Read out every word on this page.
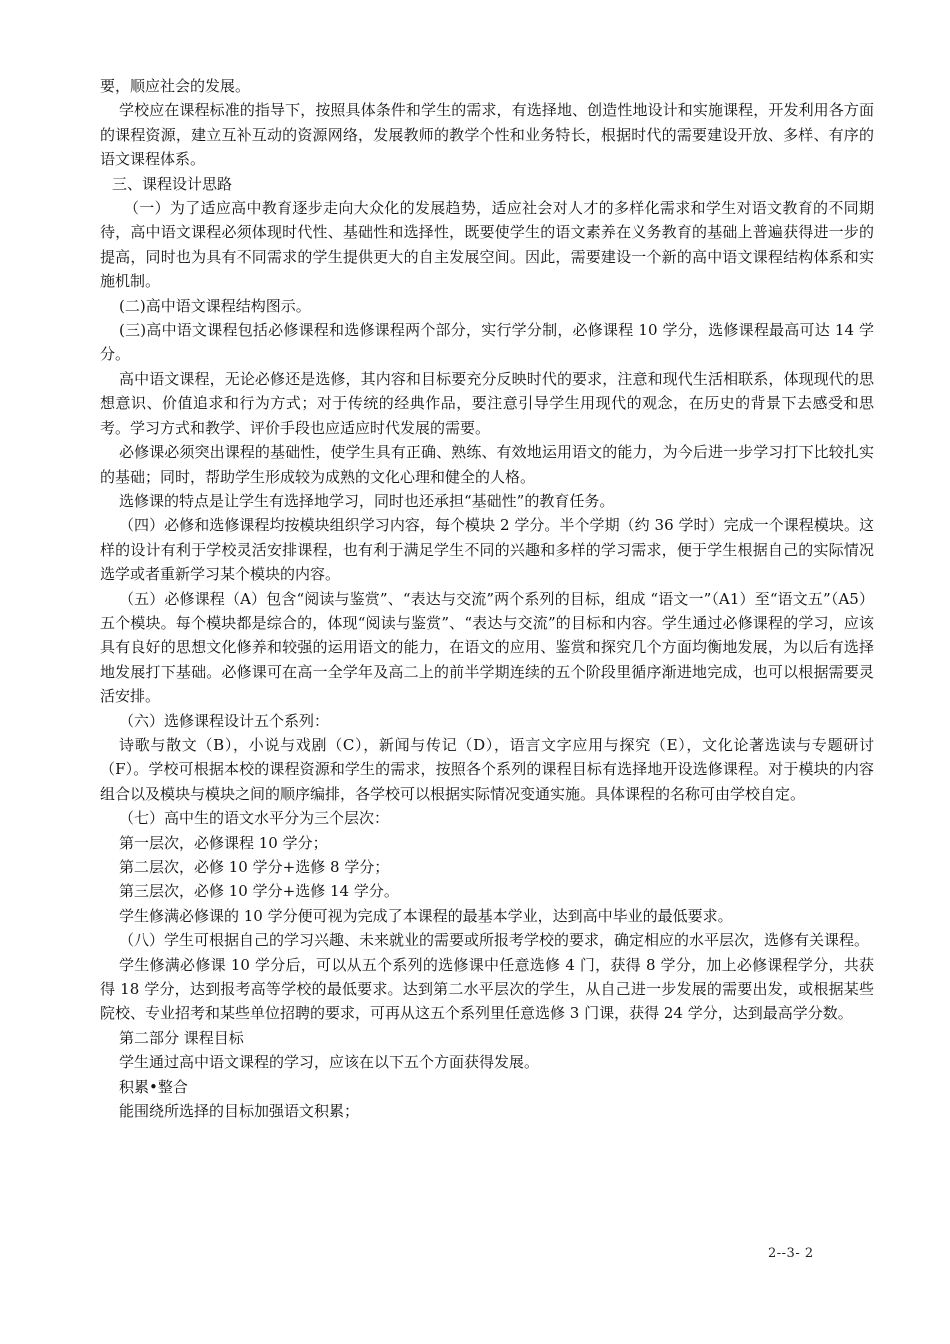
要，顺应社会的发展。

学校应在课程标准的指导下，按照具体条件和学生的需求，有选择地、创造性地设计和实施课程，开发利用各方面的课程资源，建立互补互动的资源网络，发展教师的教学个性和业务特长，根据时代的需要建设开放、多样、有序的语文课程体系。

三、课程设计思路

（一）为了适应高中教育逐步走向大众化的发展趋势，适应社会对人才的多样化需求和学生对语文教育的不同期待，高中语文课程必须体现时代性、基础性和选择性，既要使学生的语文素养在义务教育的基础上普遍获得进一步的提高，同时也为具有不同需求的学生提供更大的自主发展空间。因此，需要建设一个新的高中语文课程结构体系和实施机制。

(二)高中语文课程结构图示。

(三)高中语文课程包括必修课程和选修课程两个部分，实行学分制，必修课程 10 学分，选修课程最高可达 14 学分。

高中语文课程，无论必修还是选修，其内容和目标要充分反映时代的要求，注意和现代生活相联系，体现现代的思想意识、价值追求和行为方式；对于传统的经典作品，要注意引导学生用现代的观念，在历史的背景下去感受和思考。学习方式和教学、评价手段也应适应时代发展的需要。

必修课必须突出课程的基础性，使学生具有正确、熟练、有效地运用语文的能力，为今后进一步学习打下比较扎实的基础；同时，帮助学生形成较为成熟的文化心理和健全的人格。

选修课的特点是让学生有选择地学习，同时也还承担“基础性”的教育任务。

（四）必修和选修课程均按模块组织学习内容，每个模块 2 学分。半个学期（约 36 学时）完成一个课程模块。这样的设计有利于学校灵活安排课程，也有利于满足学生不同的兴趣和多样的学习需求，便于学生根据自己的实际情况选学或者重新学习某个模块的内容。

（五）必修课程（A）包含“阅读与鉴赏”、“表达与交流”两个系列的目标，组成 “语文一”（A1）至“语文五”（A5）五个模块。每个模块都是综合的，体现“阅读与鉴赏”、“表达与交流”的目标和内容。学生通过必修课程的学习，应该具有良好的思想文化修养和较强的运用语文的能力，在语文的应用、鉴赏和探究几个方面均衡地发展，为以后有选择地发展打下基础。必修课可在高一全学年及高二上的前半学期连续的五个阶段里循序渐进地完成，也可以根据需要灵活安排。

（六）选修课程设计五个系列：

诗歌与散文（B），小说与戏剧（C），新闻与传记（D），语言文字应用与探究（E），文化论著选读与专题研讨（F）。学校可根据本校的课程资源和学生的需求，按照各个系列的课程目标有选择地开设选修课程。对于模块的内容组合以及模块与模块之间的顺序编排，各学校可以根据实际情况变通实施。具体课程的名称可由学校自定。

（七）高中生的语文水平分为三个层次：

第一层次，必修课程 10 学分；

第二层次，必修 10 学分+选修 8 学分；

第三层次，必修 10 学分+选修 14 学分。

学生修满必修课的 10 学分便可视为完成了本课程的最基本学业，达到高中毕业的最低要求。

（八）学生可根据自己的学习兴趣、未来就业的需要或所报考学校的要求，确定相应的水平层次，选修有关课程。

学生修满必修课 10 学分后，可以从五个系列的选修课中任意选修 4 门，获得 8 学分，加上必修课程学分，共获得 18 学分，达到报考高等学校的最低要求。达到第二水平层次的学生，从自己进一步发展的需要出发，或根据某些院校、专业招考和某些单位招聘的要求，可再从这五个系列里任意选修 3 门课，获得 24 学分，达到最高学分数。

第二部分 课程目标

学生通过高中语文课程的学习，应该在以下五个方面获得发展。

积累•整合

能围绕所选择的目标加强语文积累；

2--3- 2
